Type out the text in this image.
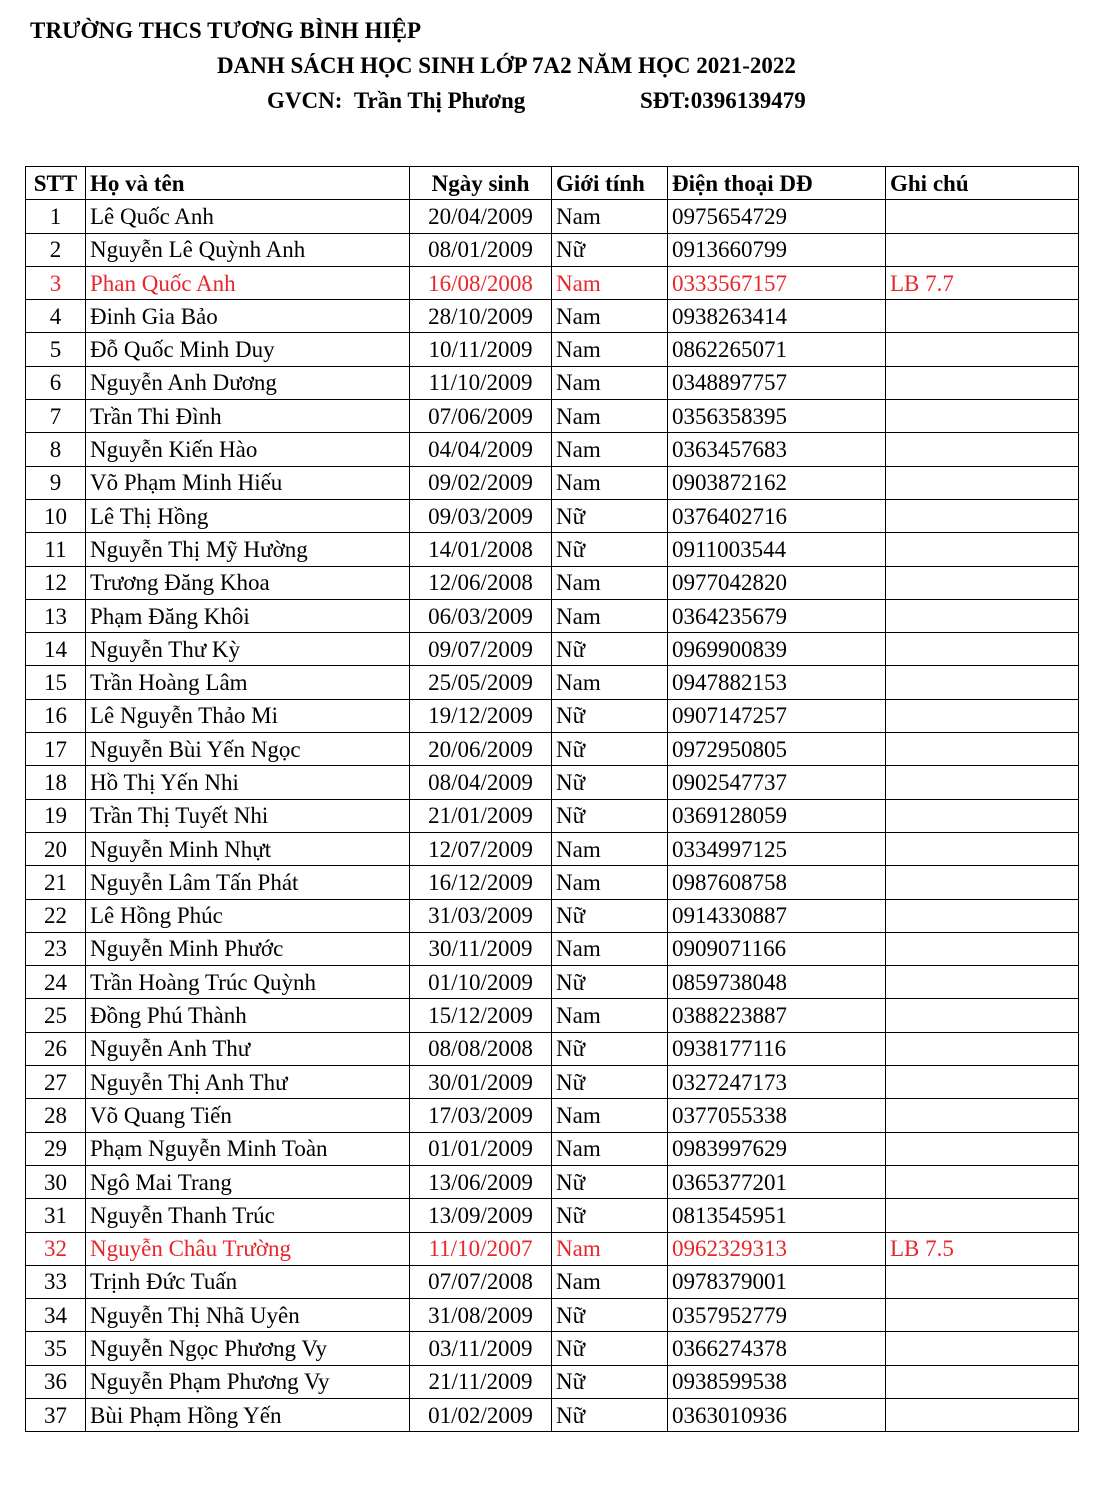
TRƯỜNG THCS TƯƠNG BÌNH HIỆP
DANH SÁCH HỌC SINH LỚP 7A2 NĂM HỌC 2021-2022
GVCN: Trần Thị Phương	SĐT:0396139479
STT	Họ và tên	Ngày sinh	Giới tính	Điện thoại DĐ	Ghi chú
1	Lê Quốc Anh	20/04/2009	Nam	0975654729	
2	Nguyễn Lê Quỳnh Anh	08/01/2009	Nữ	0913660799	
3	Phan Quốc Anh	16/08/2008	Nam	0333567157	LB 7.7
4	Đinh Gia Bảo	28/10/2009	Nam	0938263414	
5	Đỗ Quốc Minh Duy	10/11/2009	Nam	0862265071	
6	Nguyễn Anh Dương	11/10/2009	Nam	0348897757	
7	Trần Thi Đình	07/06/2009	Nam	0356358395	
8	Nguyễn Kiến Hào	04/04/2009	Nam	0363457683	
9	Võ Phạm Minh Hiếu	09/02/2009	Nam	0903872162	
10	Lê Thị Hồng	09/03/2009	Nữ	0376402716	
11	Nguyễn Thị Mỹ Hường	14/01/2008	Nữ	0911003544	
12	Trương Đăng Khoa	12/06/2008	Nam	0977042820	
13	Phạm Đăng Khôi	06/03/2009	Nam	0364235679	
14	Nguyễn Thư Kỳ	09/07/2009	Nữ	0969900839	
15	Trần Hoàng Lâm	25/05/2009	Nam	0947882153	
16	Lê Nguyễn Thảo Mi	19/12/2009	Nữ	0907147257	
17	Nguyễn Bùi Yến Ngọc	20/06/2009	Nữ	0972950805	
18	Hồ Thị Yến Nhi	08/04/2009	Nữ	0902547737	
19	Trần Thị Tuyết Nhi	21/01/2009	Nữ	0369128059	
20	Nguyễn Minh Nhựt	12/07/2009	Nam	0334997125	
21	Nguyễn Lâm Tấn Phát	16/12/2009	Nam	0987608758	
22	Lê Hồng Phúc	31/03/2009	Nữ	0914330887	
23	Nguyễn Minh Phước	30/11/2009	Nam	0909071166	
24	Trần Hoàng Trúc Quỳnh	01/10/2009	Nữ	0859738048	
25	Đồng Phú Thành	15/12/2009	Nam	0388223887	
26	Nguyễn Anh Thư	08/08/2008	Nữ	0938177116	
27	Nguyễn Thị Anh Thư	30/01/2009	Nữ	0327247173	
28	Võ Quang Tiến	17/03/2009	Nam	0377055338	
29	Phạm Nguyễn Minh Toàn	01/01/2009	Nam	0983997629	
30	Ngô Mai Trang	13/06/2009	Nữ	0365377201	
31	Nguyễn Thanh Trúc	13/09/2009	Nữ	0813545951	
32	Nguyễn Châu Trường	11/10/2007	Nam	0962329313	LB 7.5
33	Trịnh Đức Tuấn	07/07/2008	Nam	0978379001	
34	Nguyễn Thị Nhã Uyên	31/08/2009	Nữ	0357952779	
35	Nguyễn Ngọc Phương Vy	03/11/2009	Nữ	0366274378	
36	Nguyễn Phạm Phương Vy	21/11/2009	Nữ	0938599538	
37	Bùi Phạm Hồng Yến	01/02/2009	Nữ	0363010936	
